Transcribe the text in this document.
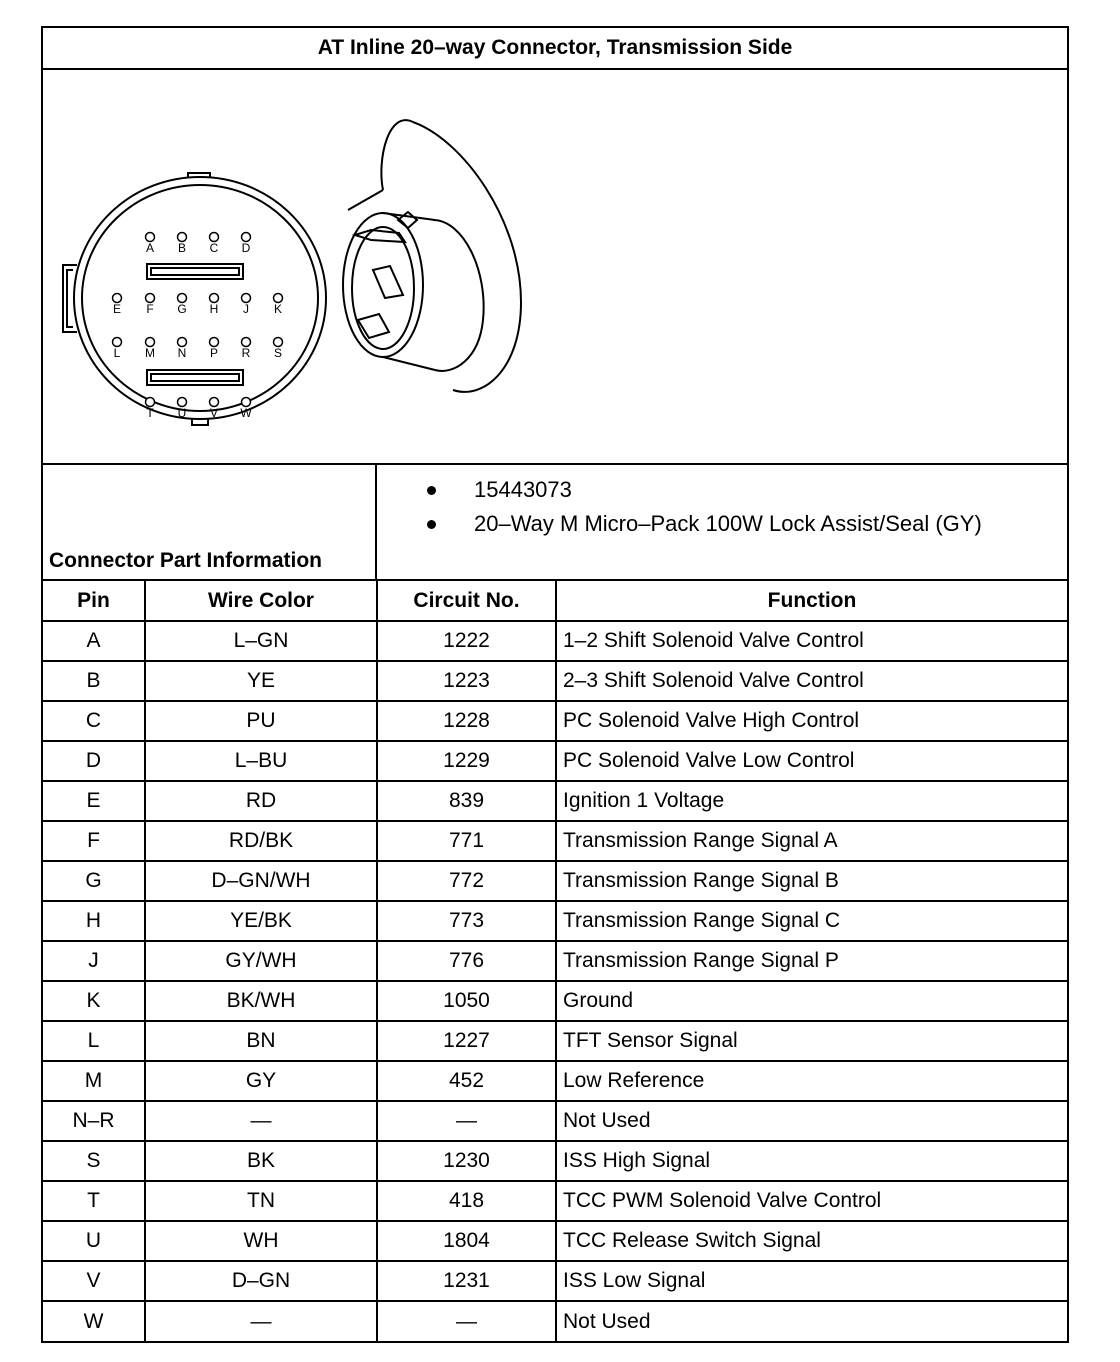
AT Inline 20–way Connector, Transmission Side
A B C D
E F G H J K
L M N P R S
T U V W
Connector Part Information
15443073
20–Way M Micro–Pack 100W Lock Assist/Seal (GY)
Pin	Wire Color	Circuit No.	Function
A	L–GN	1222	1–2 Shift Solenoid Valve Control
B	YE	1223	2–3 Shift Solenoid Valve Control
C	PU	1228	PC Solenoid Valve High Control
D	L–BU	1229	PC Solenoid Valve Low Control
E	RD	839	Ignition 1 Voltage
F	RD/BK	771	Transmission Range Signal A
G	D–GN/WH	772	Transmission Range Signal B
H	YE/BK	773	Transmission Range Signal C
J	GY/WH	776	Transmission Range Signal P
K	BK/WH	1050	Ground
L	BN	1227	TFT Sensor Signal
M	GY	452	Low Reference
N–R	—	—	Not Used
S	BK	1230	ISS High Signal
T	TN	418	TCC PWM Solenoid Valve Control
U	WH	1804	TCC Release Switch Signal
V	D–GN	1231	ISS Low Signal
W	—	—	Not Used
